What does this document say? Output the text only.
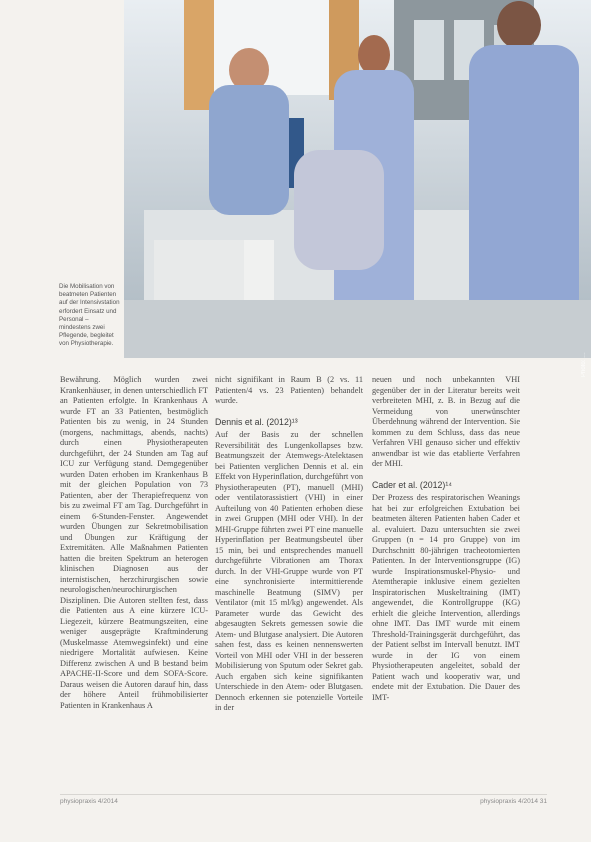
Photo: …
Die Mobilisation von beatmeten Patienten auf der Intensivstation erfordert Einsatz und Personal – mindestens zwei Pflegende, begleitet von Physiotherapie.

Bewährung. Möglich wurden zwei Krankenhäuser, in denen unterschiedlich FT an Patienten erfolgte. In Krankenhaus A wurde FT an 33 Patienten, bestmöglich Patienten bis zu wenig, in 24 Stunden (morgens, nachmittags, abends, nachts) durch einen Physiotherapeuten durchgeführt, der 24 Stunden am Tag auf ICU zur Verfügung stand. Demgegenüber wurden Daten erhoben im Krankenhaus B mit der gleichen Population von 73 Patienten, aber der Therapiefrequenz von bis zu zweimal FT am Tag. Durchgeführt in einem 6-Stunden-Fenster. Angewendet wurden Übungen zur Sekretmobilisation und Übungen zur Kräftigung der Extremitäten. Alle Maßnahmen Patienten hatten die breiten Spektrum an heterogen klinischen Diagnosen aus der internistischen, herzchirurgischen sowie neurologischen/neurochirurgischen Disziplinen. Die Autoren stellten fest, dass die Patienten aus A eine kürzere ICU-Liegezeit, kürzere Beatmungszeiten, eine weniger ausgeprägte Kraftminderung (Muskelmasse Atemwegsinfekt) und eine niedrigere Mortalität aufwiesen. Keine Differenz zwischen A und B bestand beim APACHE-II-Score und dem SOFA-Score. Daraus weisen die Autoren darauf hin, dass der höhere Anteil frühmobilisierter Patienten in Krankenhaus A

nicht signifikant in Raum B (2 vs. 11 Patienten/4 vs. 23 Patienten) behandelt wurde.

Dennis et al. (2012)¹³

Auf der Basis zu der schnellen Reversibilität des Lungenkollapses bzw. Beatmungszeit der Atemwegs-Atelektasen bei Patienten verglichen Dennis et al. ein Effekt von Hyperinflation, durchgeführt von Physiotherapeuten (PT), manuell (MHI) oder ventilatorassistiert (VHI) in einer Aufteilung von 40 Patienten erhoben diese in zwei Gruppen (MHI oder VHI). In der MHI-Gruppe führten zwei PT eine manuelle Hyperinflation per Beatmungsbeutel über 15 min, bei und entsprechendes manuell durchgeführte Vibrationen am Thorax durch. In der VHI-Gruppe wurde von PT eine synchronisierte intermittierende maschinelle Beatmung (SIMV) per Ventilator (mit 15 ml/kg) angewendet. Als Parameter wurde das Gewicht des abgesaugten Sekrets gemessen sowie die Atem- und Blutgase analysiert. Die Autoren sahen fest, dass es keinen nennenswerten Vorteil von MHI oder VHI in der besseren Mobilisierung von Sputum oder Sekret gab. Auch ergaben sich keine signifikanten Unterschiede in den Atem- oder Blutgasen. Dennoch erkennen sie potenzielle Vorteile in der

neuen und noch unbekannten VHI gegenüber der in der Literatur bereits weit verbreiteten MHI, z. B. in Bezug auf die Vermeidung von unerwünschter Überdehnung während der Intervention. Sie kommen zu dem Schluss, dass das neue Verfahren VHI genauso sicher und effektiv anwendbar ist wie das etablierte Verfahren der MHI.

Cader et al. (2012)¹⁴

Der Prozess des respiratorischen Weanings hat bei zur erfolgreichen Extubation bei beatmeten älteren Patienten haben Cader et al. evaluiert. Dazu untersuchten sie zwei Gruppen (n = 14 pro Gruppe) von im Durchschnitt 80-jährigen tracheotomierten Patienten. In der Interventionsgruppe (IG) wurde Inspirationsmuskel-Physio- und Atemtherapie inklusive einem gezielten Inspiratorischen Muskeltraining (IMT) angewendet, die Kontrollgruppe (KG) erhielt die gleiche Intervention, allerdings ohne IMT. Das IMT wurde mit einem Threshold-Trainingsgerät durchgeführt, das der Patient selbst im Intervall benutzt. IMT wurde in der IG von einem Physiotherapeuten angeleitet, sobald der Patient wach und kooperativ war, und endete mit der Extubation. Die Dauer des IMT-

physiopraxis 4/2014	physiopraxis 4/2014 31
